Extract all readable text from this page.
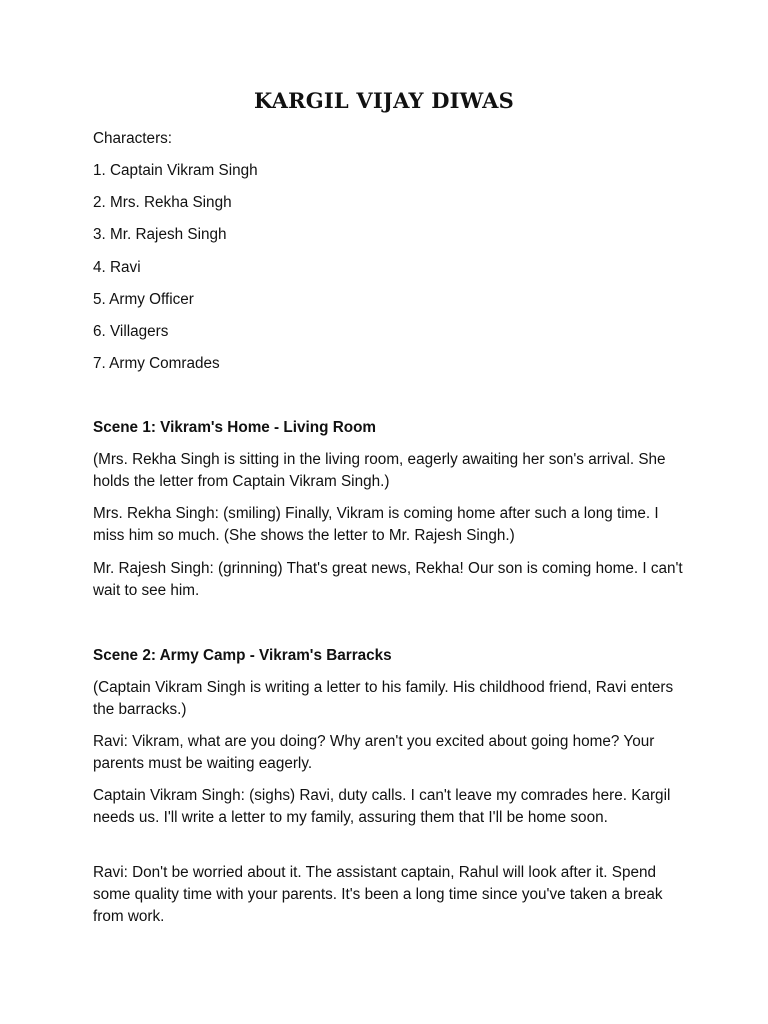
KARGIL VIJAY DIWAS

Characters:

1. Captain Vikram Singh
2. Mrs. Rekha Singh
3. Mr. Rajesh Singh
4. Ravi
5. Army Officer
6. Villagers
7. Army Comrades

Scene 1: Vikram's Home - Living Room

(Mrs. Rekha Singh is sitting in the living room, eagerly awaiting her son's arrival. She holds the letter from Captain Vikram Singh.)

Mrs. Rekha Singh: (smiling) Finally, Vikram is coming home after such a long time. I miss him so much. (She shows the letter to Mr. Rajesh Singh.)

Mr. Rajesh Singh: (grinning) That's great news, Rekha! Our son is coming home. I can't wait to see him.

Scene 2: Army Camp - Vikram's Barracks

(Captain Vikram Singh is writing a letter to his family. His childhood friend, Ravi enters the barracks.)

Ravi: Vikram, what are you doing? Why aren't you excited about going home? Your parents must be waiting eagerly.

Captain Vikram Singh: (sighs) Ravi, duty calls. I can't leave my comrades here. Kargil needs us. I'll write a letter to my family, assuring them that I'll be home soon.

Ravi: Don't be worried about it. The assistant captain, Rahul will look after it. Spend some quality time with your parents. It's been a long time since you've taken a break from work.
